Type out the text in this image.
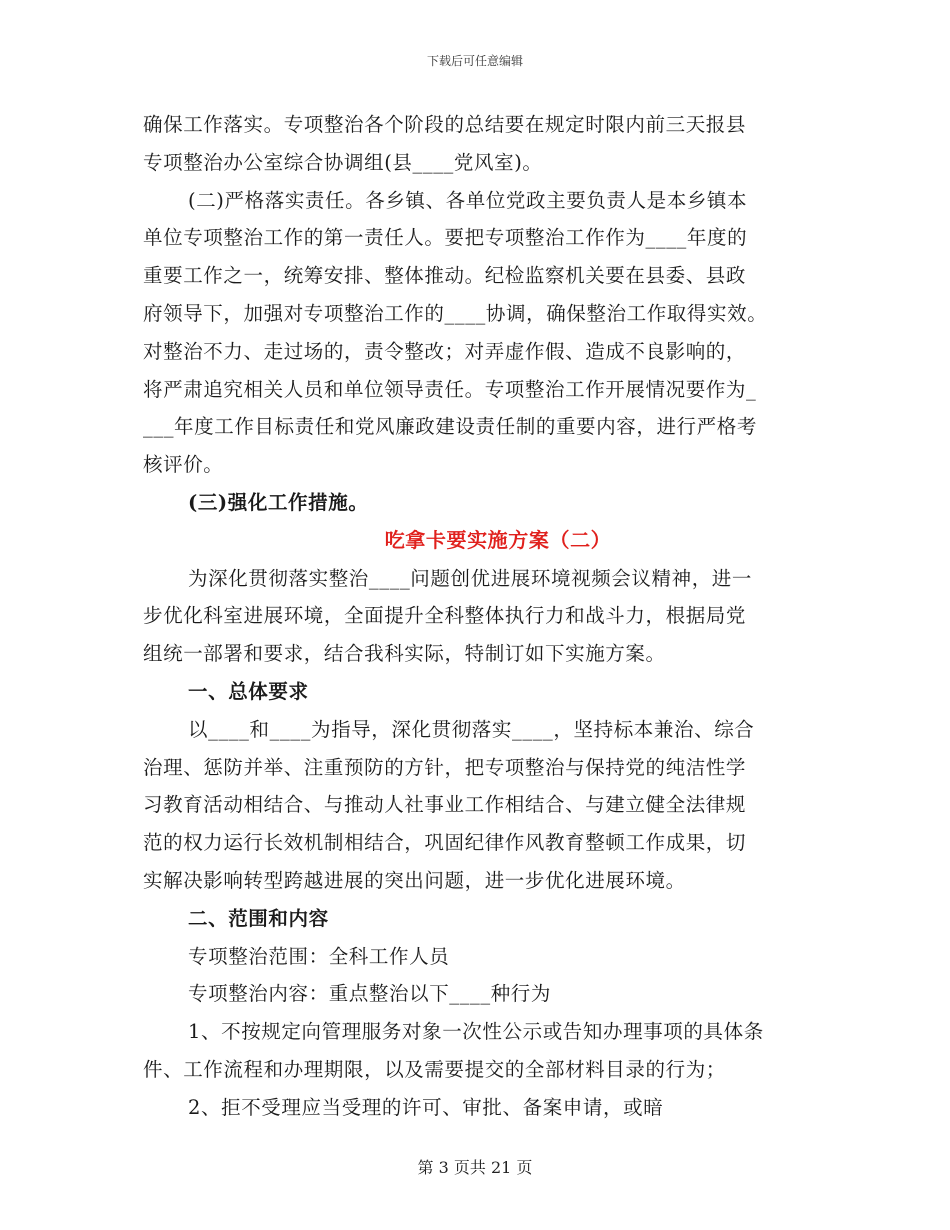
下载后可任意编辑
确保工作落实。专项整治各个阶段的总结要在规定时限内前三天报县
专项整治办公室综合协调组(县____党风室)。
(二)严格落实责任。各乡镇、各单位党政主要负责人是本乡镇本
单位专项整治工作的第一责任人。要把专项整治工作作为____年度的
重要工作之一，统筹安排、整体推动。纪检监察机关要在县委、县政
府领导下，加强对专项整治工作的____协调，确保整治工作取得实效。
对整治不力、走过场的，责令整改；对弄虚作假、造成不良影响的，
将严肃追究相关人员和单位领导责任。专项整治工作开展情况要作为_
___年度工作目标责任和党风廉政建设责任制的重要内容，进行严格考
核评价。
(三)强化工作措施。
吃拿卡要实施方案（二）
为深化贯彻落实整治____问题创优进展环境视频会议精神，进一
步优化科室进展环境，全面提升全科整体执行力和战斗力，根据局党
组统一部署和要求，结合我科实际，特制订如下实施方案。
一、总体要求
以____和____为指导，深化贯彻落实____，坚持标本兼治、综合
治理、惩防并举、注重预防的方针，把专项整治与保持党的纯洁性学
习教育活动相结合、与推动人社事业工作相结合、与建立健全法律规
范的权力运行长效机制相结合，巩固纪律作风教育整顿工作成果，切
实解决影响转型跨越进展的突出问题，进一步优化进展环境。
二、范围和内容
专项整治范围：全科工作人员
专项整治内容：重点整治以下____种行为
1、不按规定向管理服务对象一次性公示或告知办理事项的具体条
件、工作流程和办理期限，以及需要提交的全部材料目录的行为；
2、拒不受理应当受理的许可、审批、备案申请，或暗
第 3 页共 21 页
